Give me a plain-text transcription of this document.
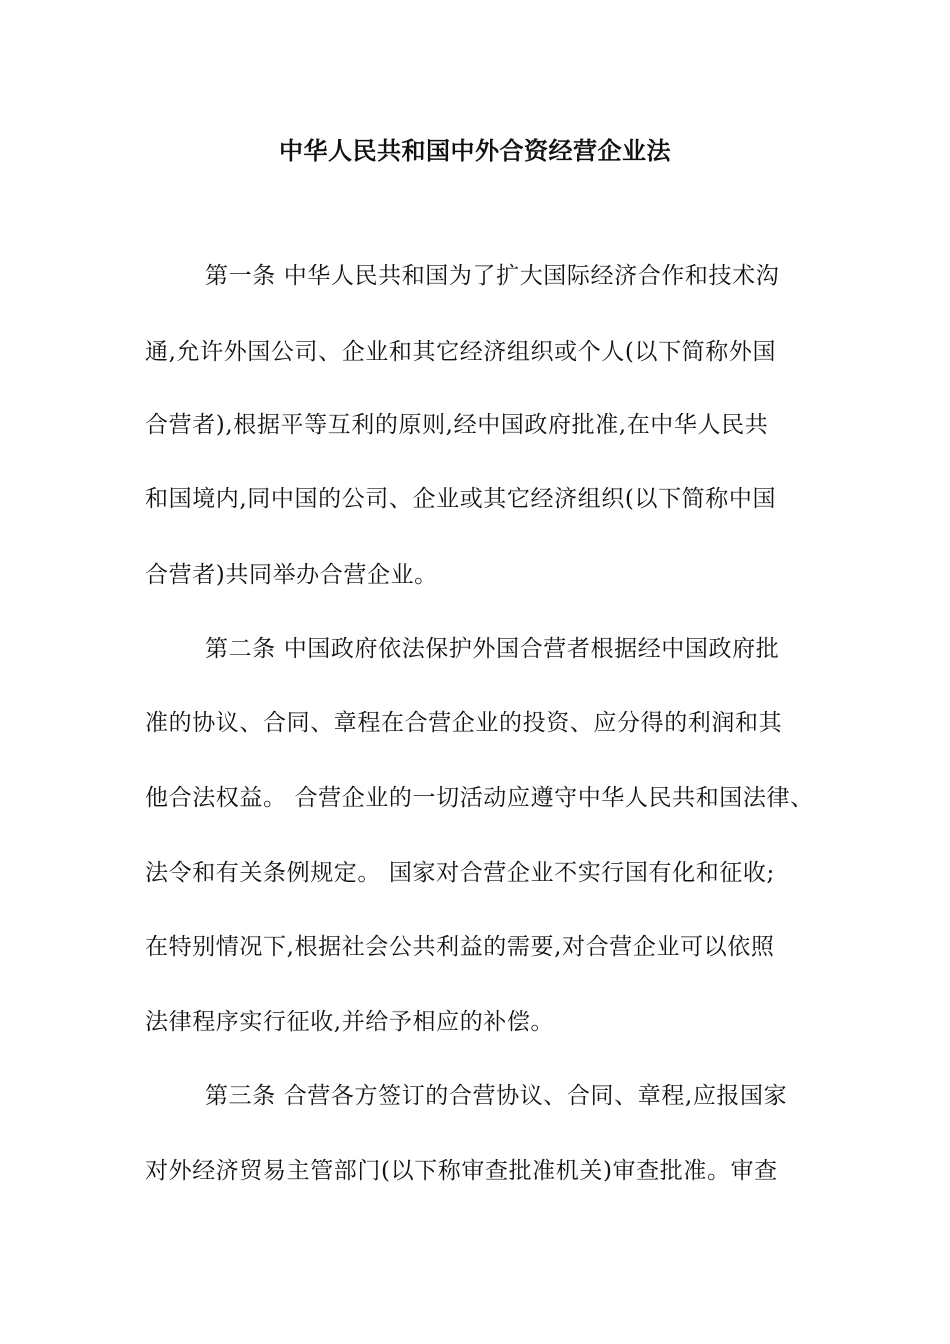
中华人民共和国中外合资经营企业法
第一条 中华人民共和国为了扩大国际经济合作和技术沟
通,允许外国公司、企业和其它经济组织或个人(以下简称外国
合营者),根据平等互利的原则,经中国政府批准,在中华人民共
和国境内,同中国的公司、企业或其它经济组织(以下简称中国
合营者)共同举办合营企业。
第二条 中国政府依法保护外国合营者根据经中国政府批
准的协议、合同、章程在合营企业的投资、应分得的利润和其
他合法权益。 合营企业的一切活动应遵守中华人民共和国法律、
法令和有关条例规定。 国家对合营企业不实行国有化和征收;
在特别情况下,根据社会公共利益的需要,对合营企业可以依照
法律程序实行征收,并给予相应的补偿。
第三条 合营各方签订的合营协议、合同、章程,应报国家
对外经济贸易主管部门(以下称审查批准机关)审查批准。审查
